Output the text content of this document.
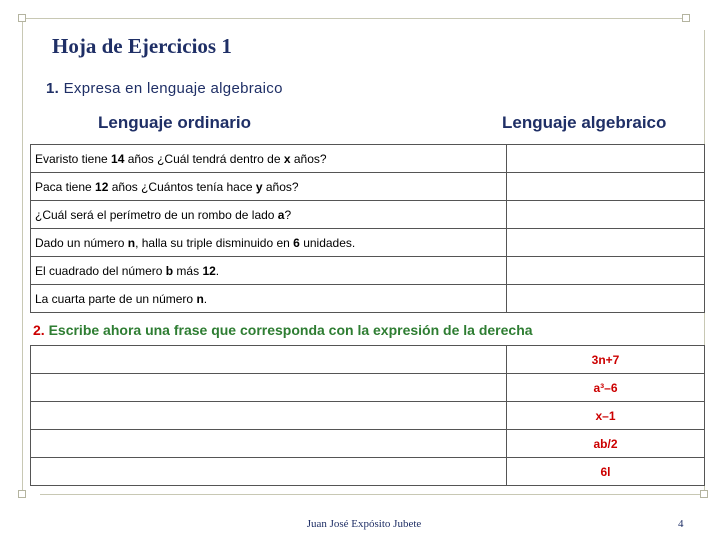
Hoja de Ejercicios 1
1. Expresa en lenguaje algebraico
Lenguaje ordinario	Lenguaje algebraico
Evaristo tiene 14 años ¿Cuál tendrá dentro de x años?	
Paca tiene 12 años ¿Cuántos tenía hace y años?	
¿Cuál será el perímetro de un rombo de lado a?	
Dado un número n, halla su triple disminuido en 6 unidades.	
El cuadrado del número b más 12.	
La cuarta parte de un número n.	
2. Escribe ahora una frase que corresponda con la expresión de la derecha
	3n+7
	a³–6
	x–1
	ab/2
	6l
Juan José Expósito Jubete	4
